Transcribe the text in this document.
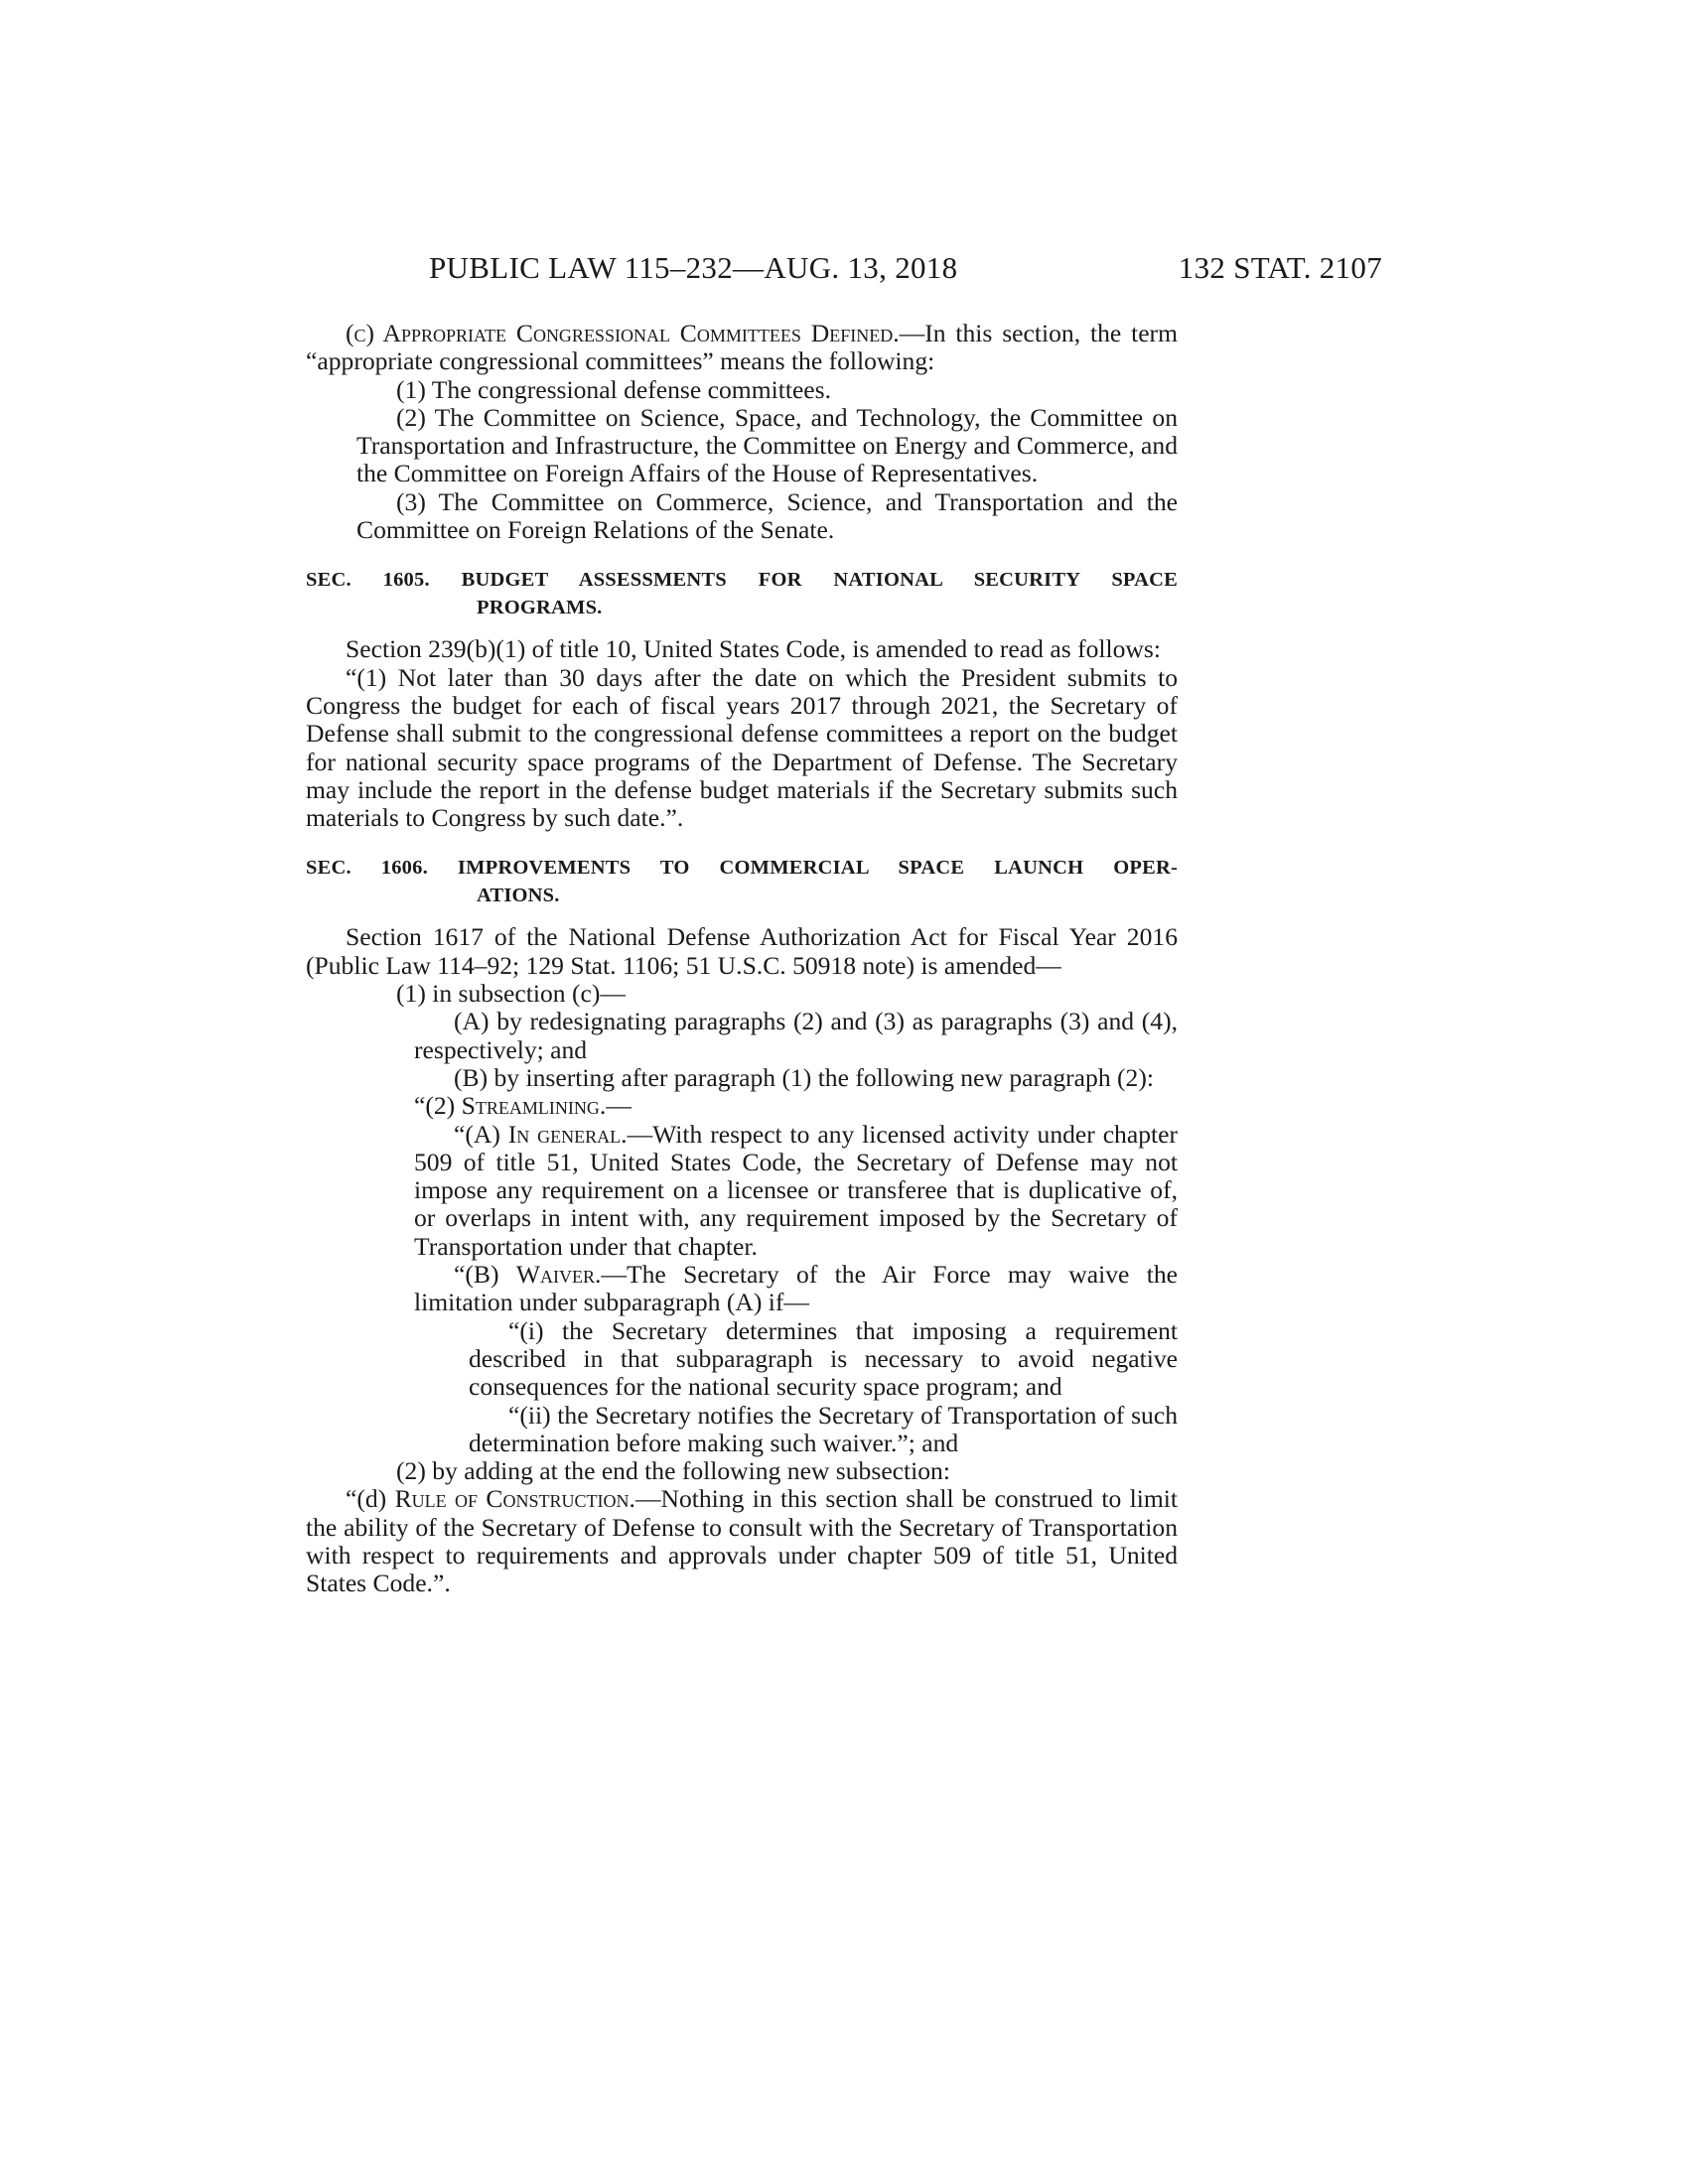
PUBLIC LAW 115–232—AUG. 13, 2018	132 STAT. 2107

(c) Appropriate Congressional Committees Defined.—In this section, the term “appropriate congressional committees” means the following:

(1) The congressional defense committees.

(2) The Committee on Science, Space, and Technology, the Committee on Transportation and Infrastructure, the Committee on Energy and Commerce, and the Committee on Foreign Affairs of the House of Representatives.

(3) The Committee on Commerce, Science, and Transportation and the Committee on Foreign Relations of the Senate.

SEC. 1605. BUDGET ASSESSMENTS FOR NATIONAL SECURITY SPACE
PROGRAMS.

Section 239(b)(1) of title 10, United States Code, is amended to read as follows:

“(1) Not later than 30 days after the date on which the President submits to Congress the budget for each of fiscal years 2017 through 2021, the Secretary of Defense shall submit to the congressional defense committees a report on the budget for national security space programs of the Department of Defense. The Secretary may include the report in the defense budget materials if the Secretary submits such materials to Congress by such date.”.

SEC. 1606. IMPROVEMENTS TO COMMERCIAL SPACE LAUNCH OPER-
ATIONS.

Section 1617 of the National Defense Authorization Act for Fiscal Year 2016 (Public Law 114–92; 129 Stat. 1106; 51 U.S.C. 50918 note) is amended—

(1) in subsection (c)—

(A) by redesignating paragraphs (2) and (3) as paragraphs (3) and (4), respectively; and

(B) by inserting after paragraph (1) the following new paragraph (2):

“(2) Streamlining.—

“(A) In general.—With respect to any licensed activity under chapter 509 of title 51, United States Code, the Secretary of Defense may not impose any requirement on a licensee or transferee that is duplicative of, or overlaps in intent with, any requirement imposed by the Secretary of Transportation under that chapter.

“(B) Waiver.—The Secretary of the Air Force may waive the limitation under subparagraph (A) if—

“(i) the Secretary determines that imposing a requirement described in that subparagraph is necessary to avoid negative consequences for the national security space program; and

“(ii) the Secretary notifies the Secretary of Transportation of such determination before making such waiver.”; and

(2) by adding at the end the following new subsection:

“(d) Rule of Construction.—Nothing in this section shall be construed to limit the ability of the Secretary of Defense to consult with the Secretary of Transportation with respect to requirements and approvals under chapter 509 of title 51, United States Code.”.
